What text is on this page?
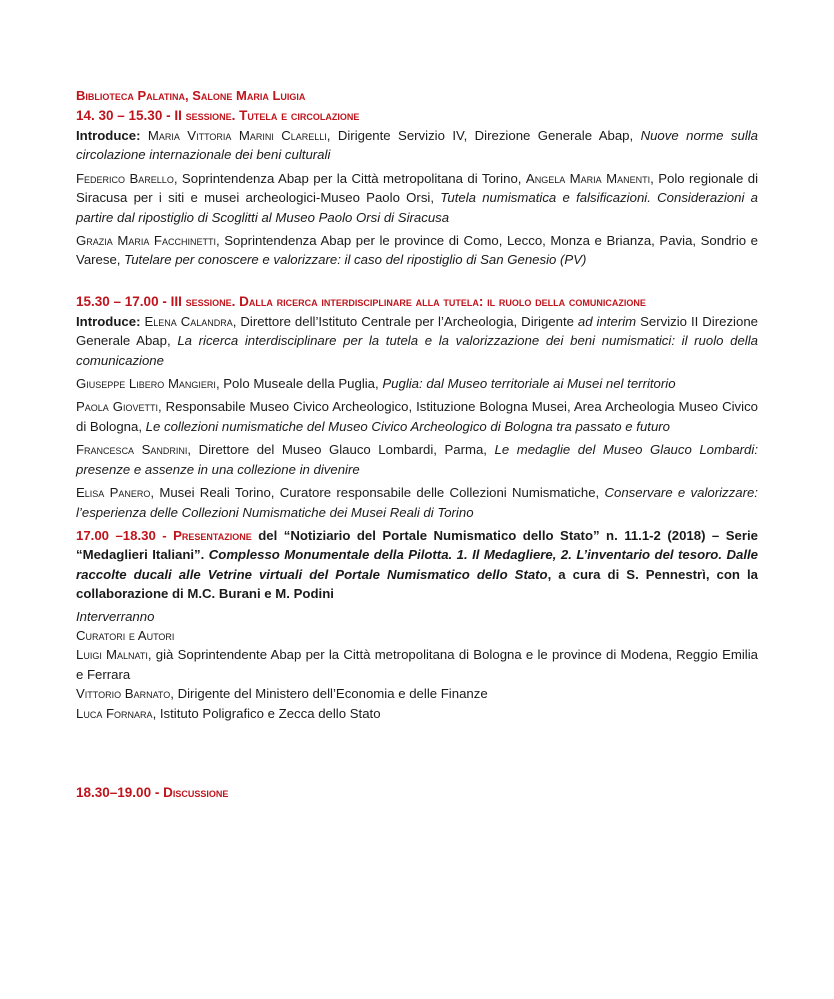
Biblioteca Palatina, Salone Maria Luigia
14. 30 – 15.30 - II sessione. Tutela e circolazione

Introduce: Maria Vittoria Marini Clarelli, Dirigente Servizio IV, Direzione Generale Abap, Nuove norme sulla circolazione internazionale dei beni culturali

Federico Barello, Soprintendenza Abap per la Città metropolitana di Torino, Angela Maria Manenti, Polo regionale di Siracusa per i siti e musei archeologici-Museo Paolo Orsi, Tutela numismatica e falsificazioni. Considerazioni a partire dal ripostiglio di Scoglitti al Museo Paolo Orsi di Siracusa

Grazia Maria Facchinetti, Soprintendenza Abap per le province di Como, Lecco, Monza e Brianza, Pavia, Sondrio e Varese, Tutelare per conoscere e valorizzare: il caso del ripostiglio di San Genesio (PV)

15.30 – 17.00 - III sessione. Dalla ricerca interdisciplinare alla tutela: il ruolo della comunicazione

Introduce: Elena Calandra, Direttore dell’Istituto Centrale per l’Archeologia, Dirigente ad interim Servizio II Direzione Generale Abap, La ricerca interdisciplinare per la tutela e la valorizzazione dei beni numismatici: il ruolo della comunicazione

Giuseppe Libero Mangieri, Polo Museale della Puglia, Puglia: dal Museo territoriale ai Musei nel territorio

Paola Giovetti, Responsabile Museo Civico Archeologico, Istituzione Bologna Musei, Area Archeologia Museo Civico di Bologna, Le collezioni numismatiche del Museo Civico Archeologico di Bologna tra passato e futuro

Francesca Sandrini, Direttore del Museo Glauco Lombardi, Parma, Le medaglie del Museo Glauco Lombardi: presenze e assenze in una collezione in divenire

Elisa Panero, Musei Reali Torino, Curatore responsabile delle Collezioni Numismatiche, Conservare e valorizzare: l’esperienza delle Collezioni Numismatiche dei Musei Reali di Torino

17.00 –18.30 - Presentazione del “Notiziario del Portale Numismatico dello Stato” n. 11.1-2 (2018) – Serie “Medaglieri Italiani”. Complesso Monumentale della Pilotta. 1. Il Medagliere, 2. L’inventario del tesoro. Dalle raccolte ducali alle Vetrine virtuali del Portale Numismatico dello Stato, a cura di S. Pennestrì, con la collaborazione di M.C. Burani e M. Podini

Interverranno

Curatori e Autori

Luigi Malnati, già Soprintendente Abap per la Città metropolitana di Bologna e le province di Modena, Reggio Emilia e Ferrara

Vittorio Barnato, Dirigente del Ministero dell’Economia e delle Finanze

Luca Fornara, Istituto Poligrafico e Zecca dello Stato

18.30–19.00 - Discussione
